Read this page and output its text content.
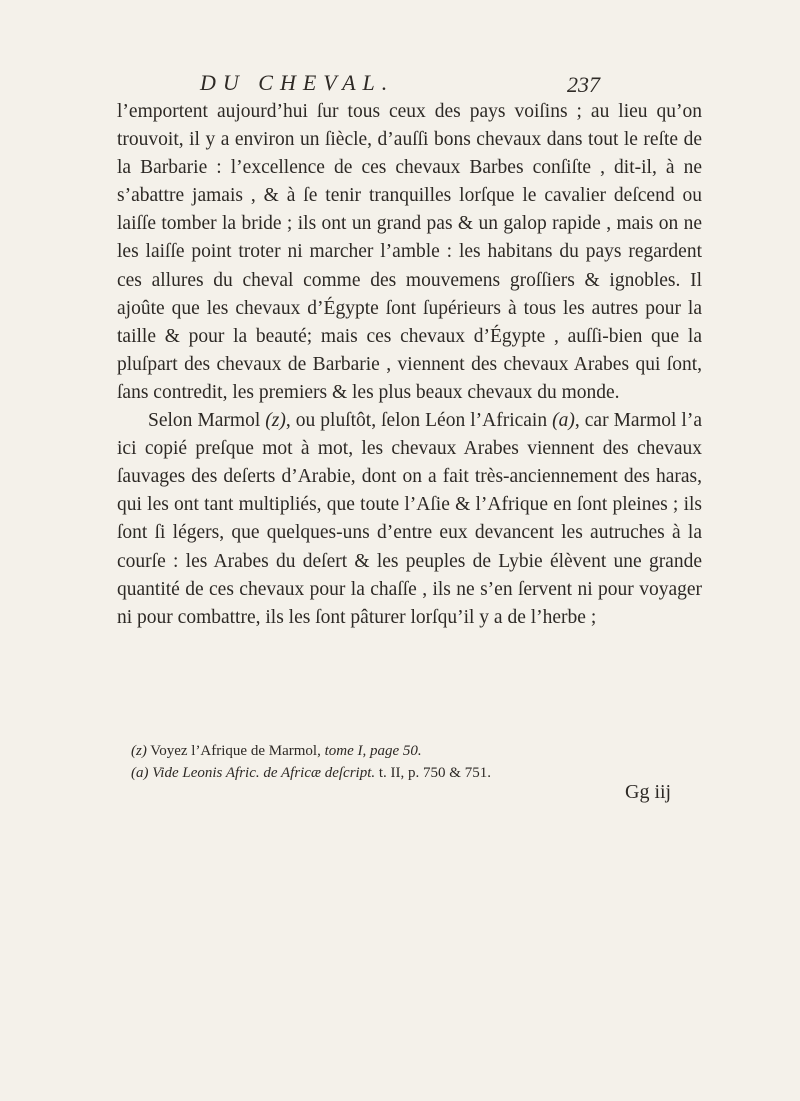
DU CHEVAL.	237

l’emportent aujourd’hui ſur tous ceux des pays voiſins ; au lieu qu’on trouvoit, il y a environ un ſiècle, d’auſſi bons chevaux dans tout le reſte de la Barbarie : l’excellence de ces chevaux Barbes conſiſte , dit-il, à ne s’abattre jamais , & à ſe tenir tranquilles lorſque le cavalier deſcend ou laiſſe tomber la bride ; ils ont un grand pas & un galop rapide , mais on ne les laiſſe point troter ni marcher l’amble : les habitans du pays regardent ces allures du cheval comme des mouvemens groſſiers & ignobles. Il ajoûte que les chevaux d’Égypte ſont ſupérieurs à tous les autres pour la taille & pour la beauté; mais ces chevaux d’Égypte , auſſi-bien que la pluſpart des chevaux de Barbarie , viennent des chevaux Arabes qui ſont, ſans contredit, les premiers & les plus beaux chevaux du monde.

Selon Marmol (z), ou pluſtôt, ſelon Léon l’Africain (a), car Marmol l’a ici copié preſque mot à mot, les chevaux Arabes viennent des chevaux ſauvages des deſerts d’Arabie, dont on a fait très-anciennement des haras, qui les ont tant multipliés, que toute l’Aſie & l’Afrique en ſont pleines ; ils ſont ſi légers, que quelques-uns d’entre eux devancent les autruches à la courſe : les Arabes du deſert & les peuples de Lybie élèvent une grande quantité de ces chevaux pour la chaſſe , ils ne s’en ſervent ni pour voyager ni pour combattre, ils les ſont pâturer lorſqu’il y a de l’herbe ;

(z) Voyez l’Afrique de Marmol, tome I, page 50.
(a) Vide Leonis Afric. de Africæ deſcript. t. II, p. 750 & 751.
Gg iij
